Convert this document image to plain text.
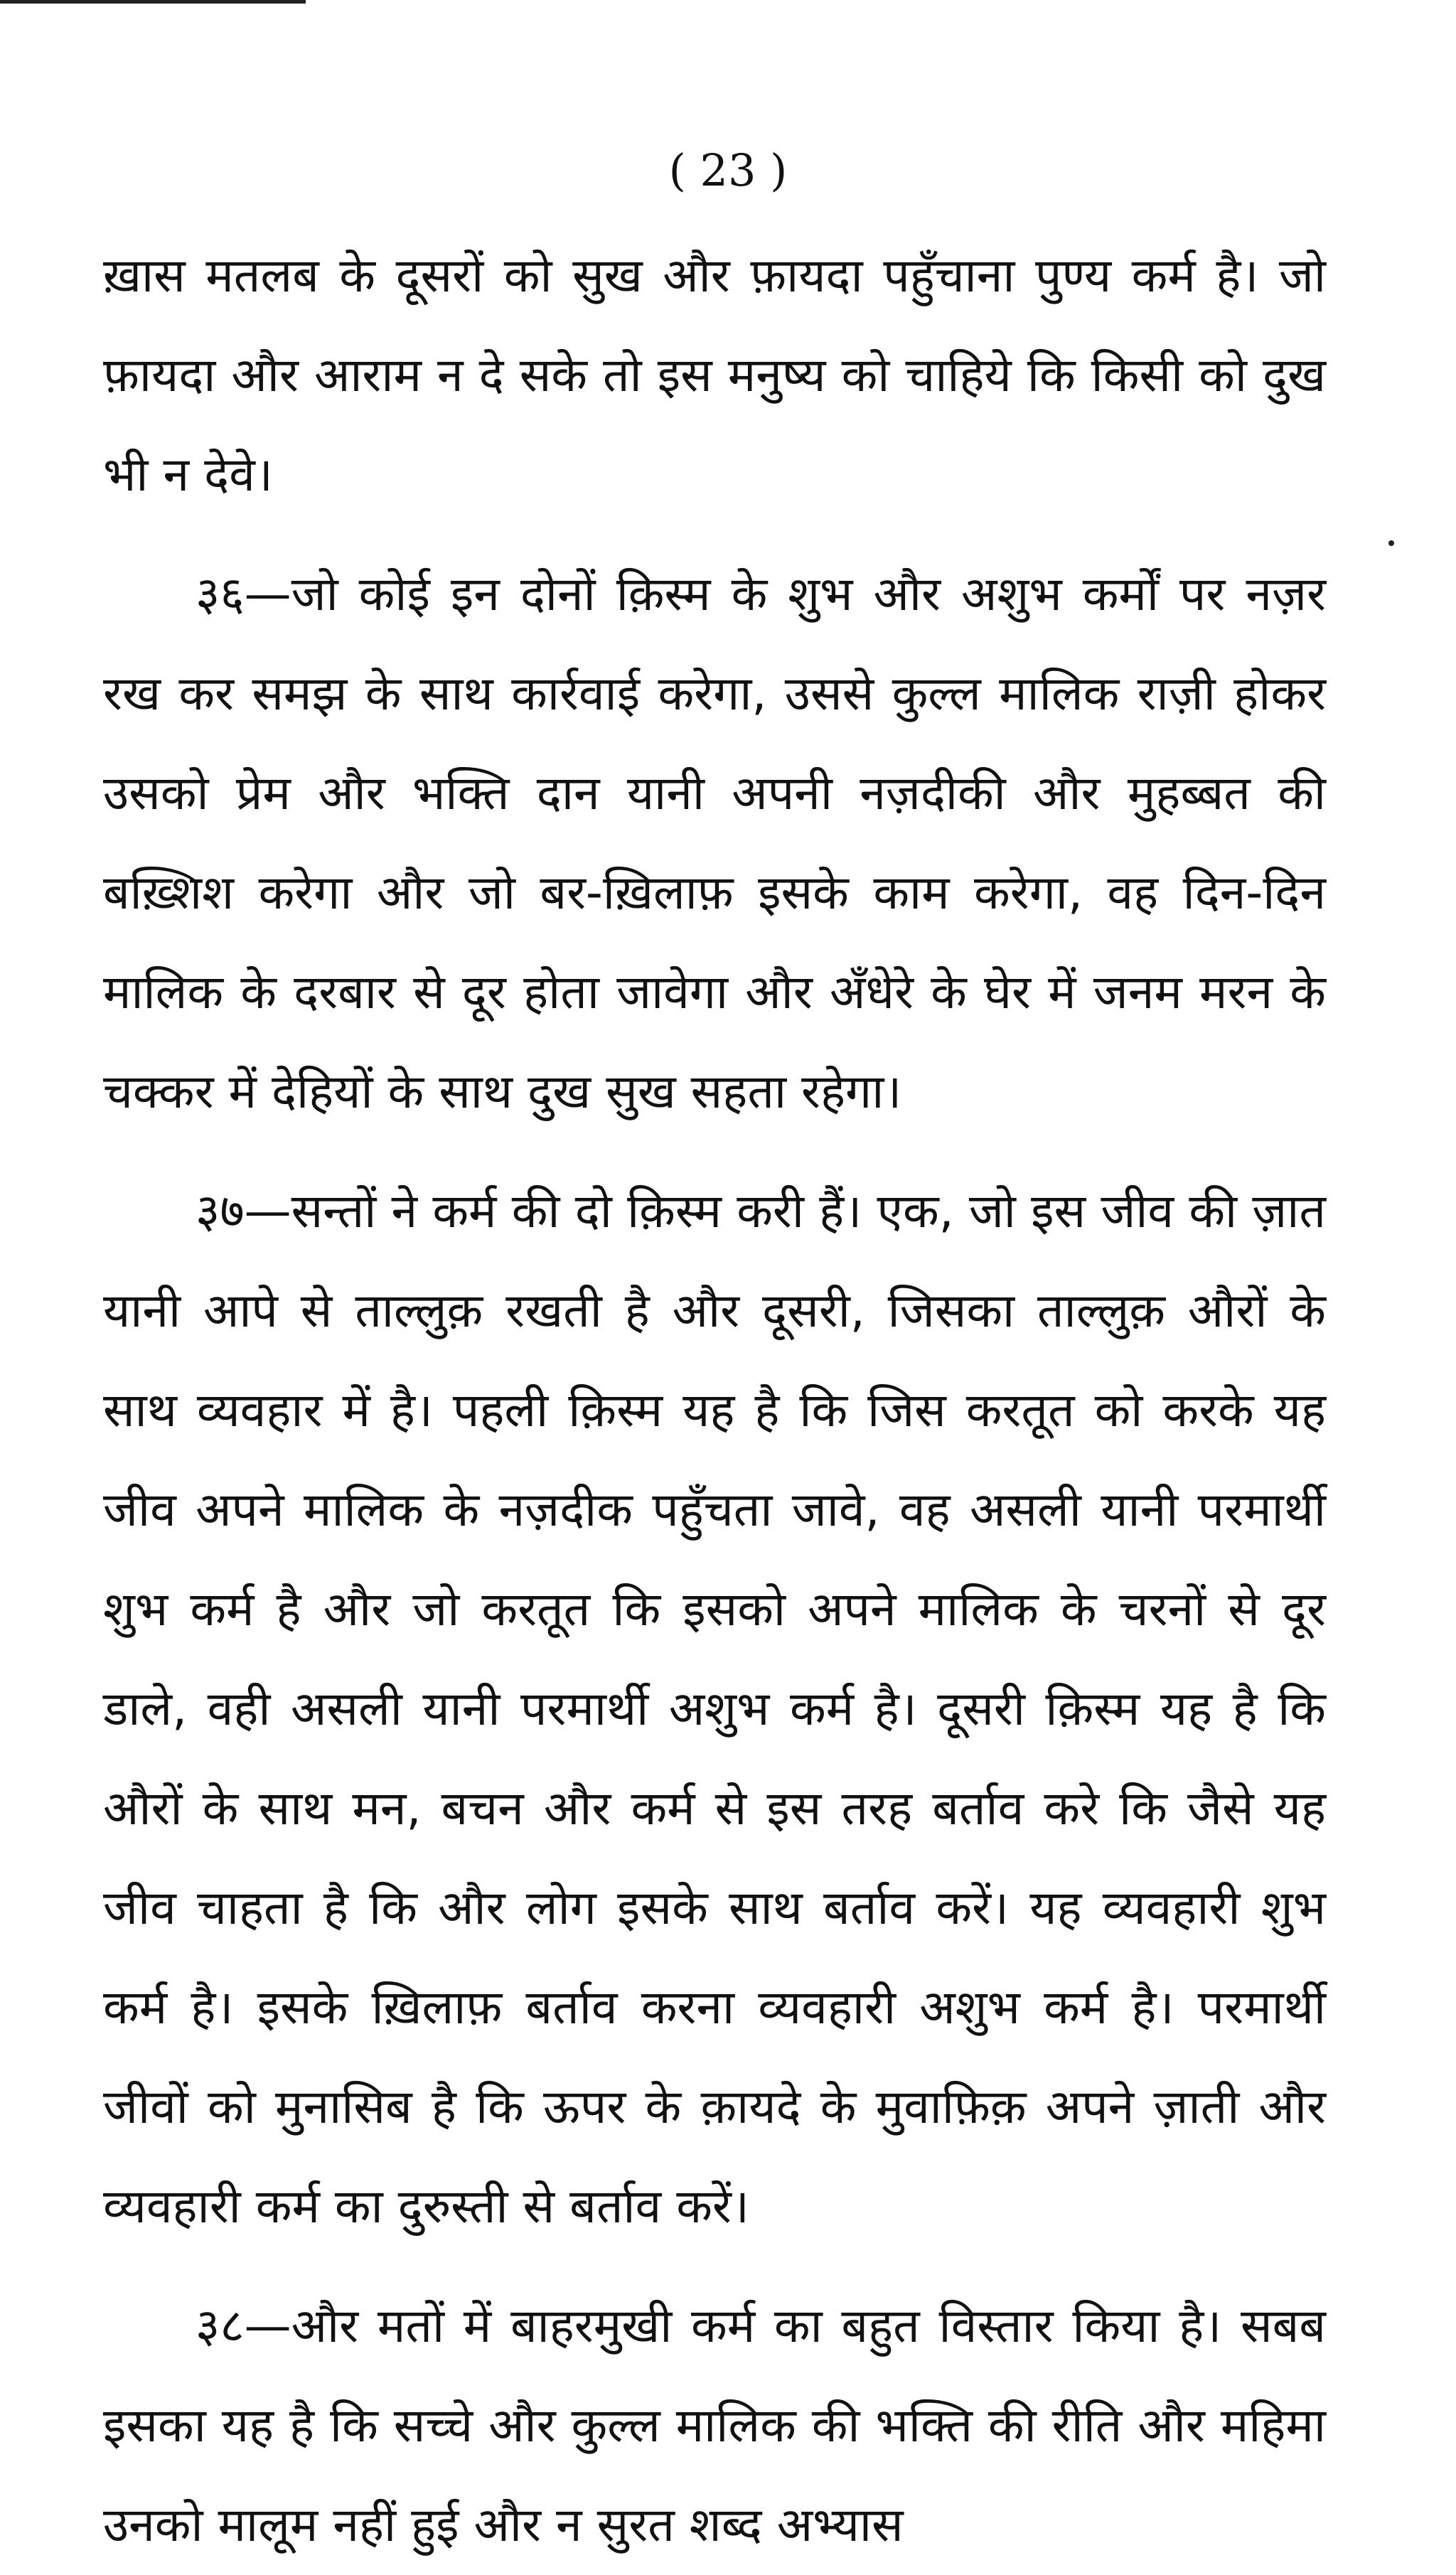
( 23 )

ख़ास मतलब के दूसरों को सुख और फ़ायदा पहुँचाना पुण्य कर्म है। जो फ़ायदा और आराम न दे सके तो इस मनुष्य को चाहिये कि किसी को दुख भी न देवे।

३६—जो कोई इन दोनों क़िस्म के शुभ और अशुभ कर्मों पर नज़र रख कर समझ के साथ कार्रवाई करेगा, उससे कुल्ल मालिक राज़ी होकर उसको प्रेम और भक्ति दान यानी अपनी नज़दीकी और मुहब्बत की बख़्शिश करेगा और जो बर-ख़िलाफ़ इसके काम करेगा, वह दिन-दिन मालिक के दरबार से दूर होता जावेगा और अँधेरे के घेर में जनम मरन के चक्कर में देहियों के साथ दुख सुख सहता रहेगा।

३७—सन्तों ने कर्म की दो क़िस्म करी हैं। एक, जो इस जीव की ज़ात यानी आपे से ताल्लुक़ रखती है और दूसरी, जिसका ताल्लुक़ औरों के साथ व्यवहार में है। पहली क़िस्म यह है कि जिस करतूत को करके यह जीव अपने मालिक के नज़दीक पहुँचता जावे, वह असली यानी परमार्थी शुभ कर्म है और जो करतूत कि इसको अपने मालिक के चरनों से दूर डाले, वही असली यानी परमार्थी अशुभ कर्म है। दूसरी क़िस्म यह है कि औरों के साथ मन, बचन और कर्म से इस तरह बर्ताव करे कि जैसे यह जीव चाहता है कि और लोग इसके साथ बर्ताव करें। यह व्यवहारी शुभ कर्म है। इसके ख़िलाफ़ बर्ताव करना व्यवहारी अशुभ कर्म है। परमार्थी जीवों को मुनासिब है कि ऊपर के क़ायदे के मुवाफ़िक़ अपने ज़ाती और व्यवहारी कर्म का दुरुस्ती से बर्ताव करें।

३८—और मतों में बाहरमुखी कर्म का बहुत विस्तार किया है। सबब इसका यह है कि सच्चे और कुल्ल मालिक की भक्ति की रीति और महिमा उनको मालूम नहीं हुई और न सुरत शब्द अभ्यास
